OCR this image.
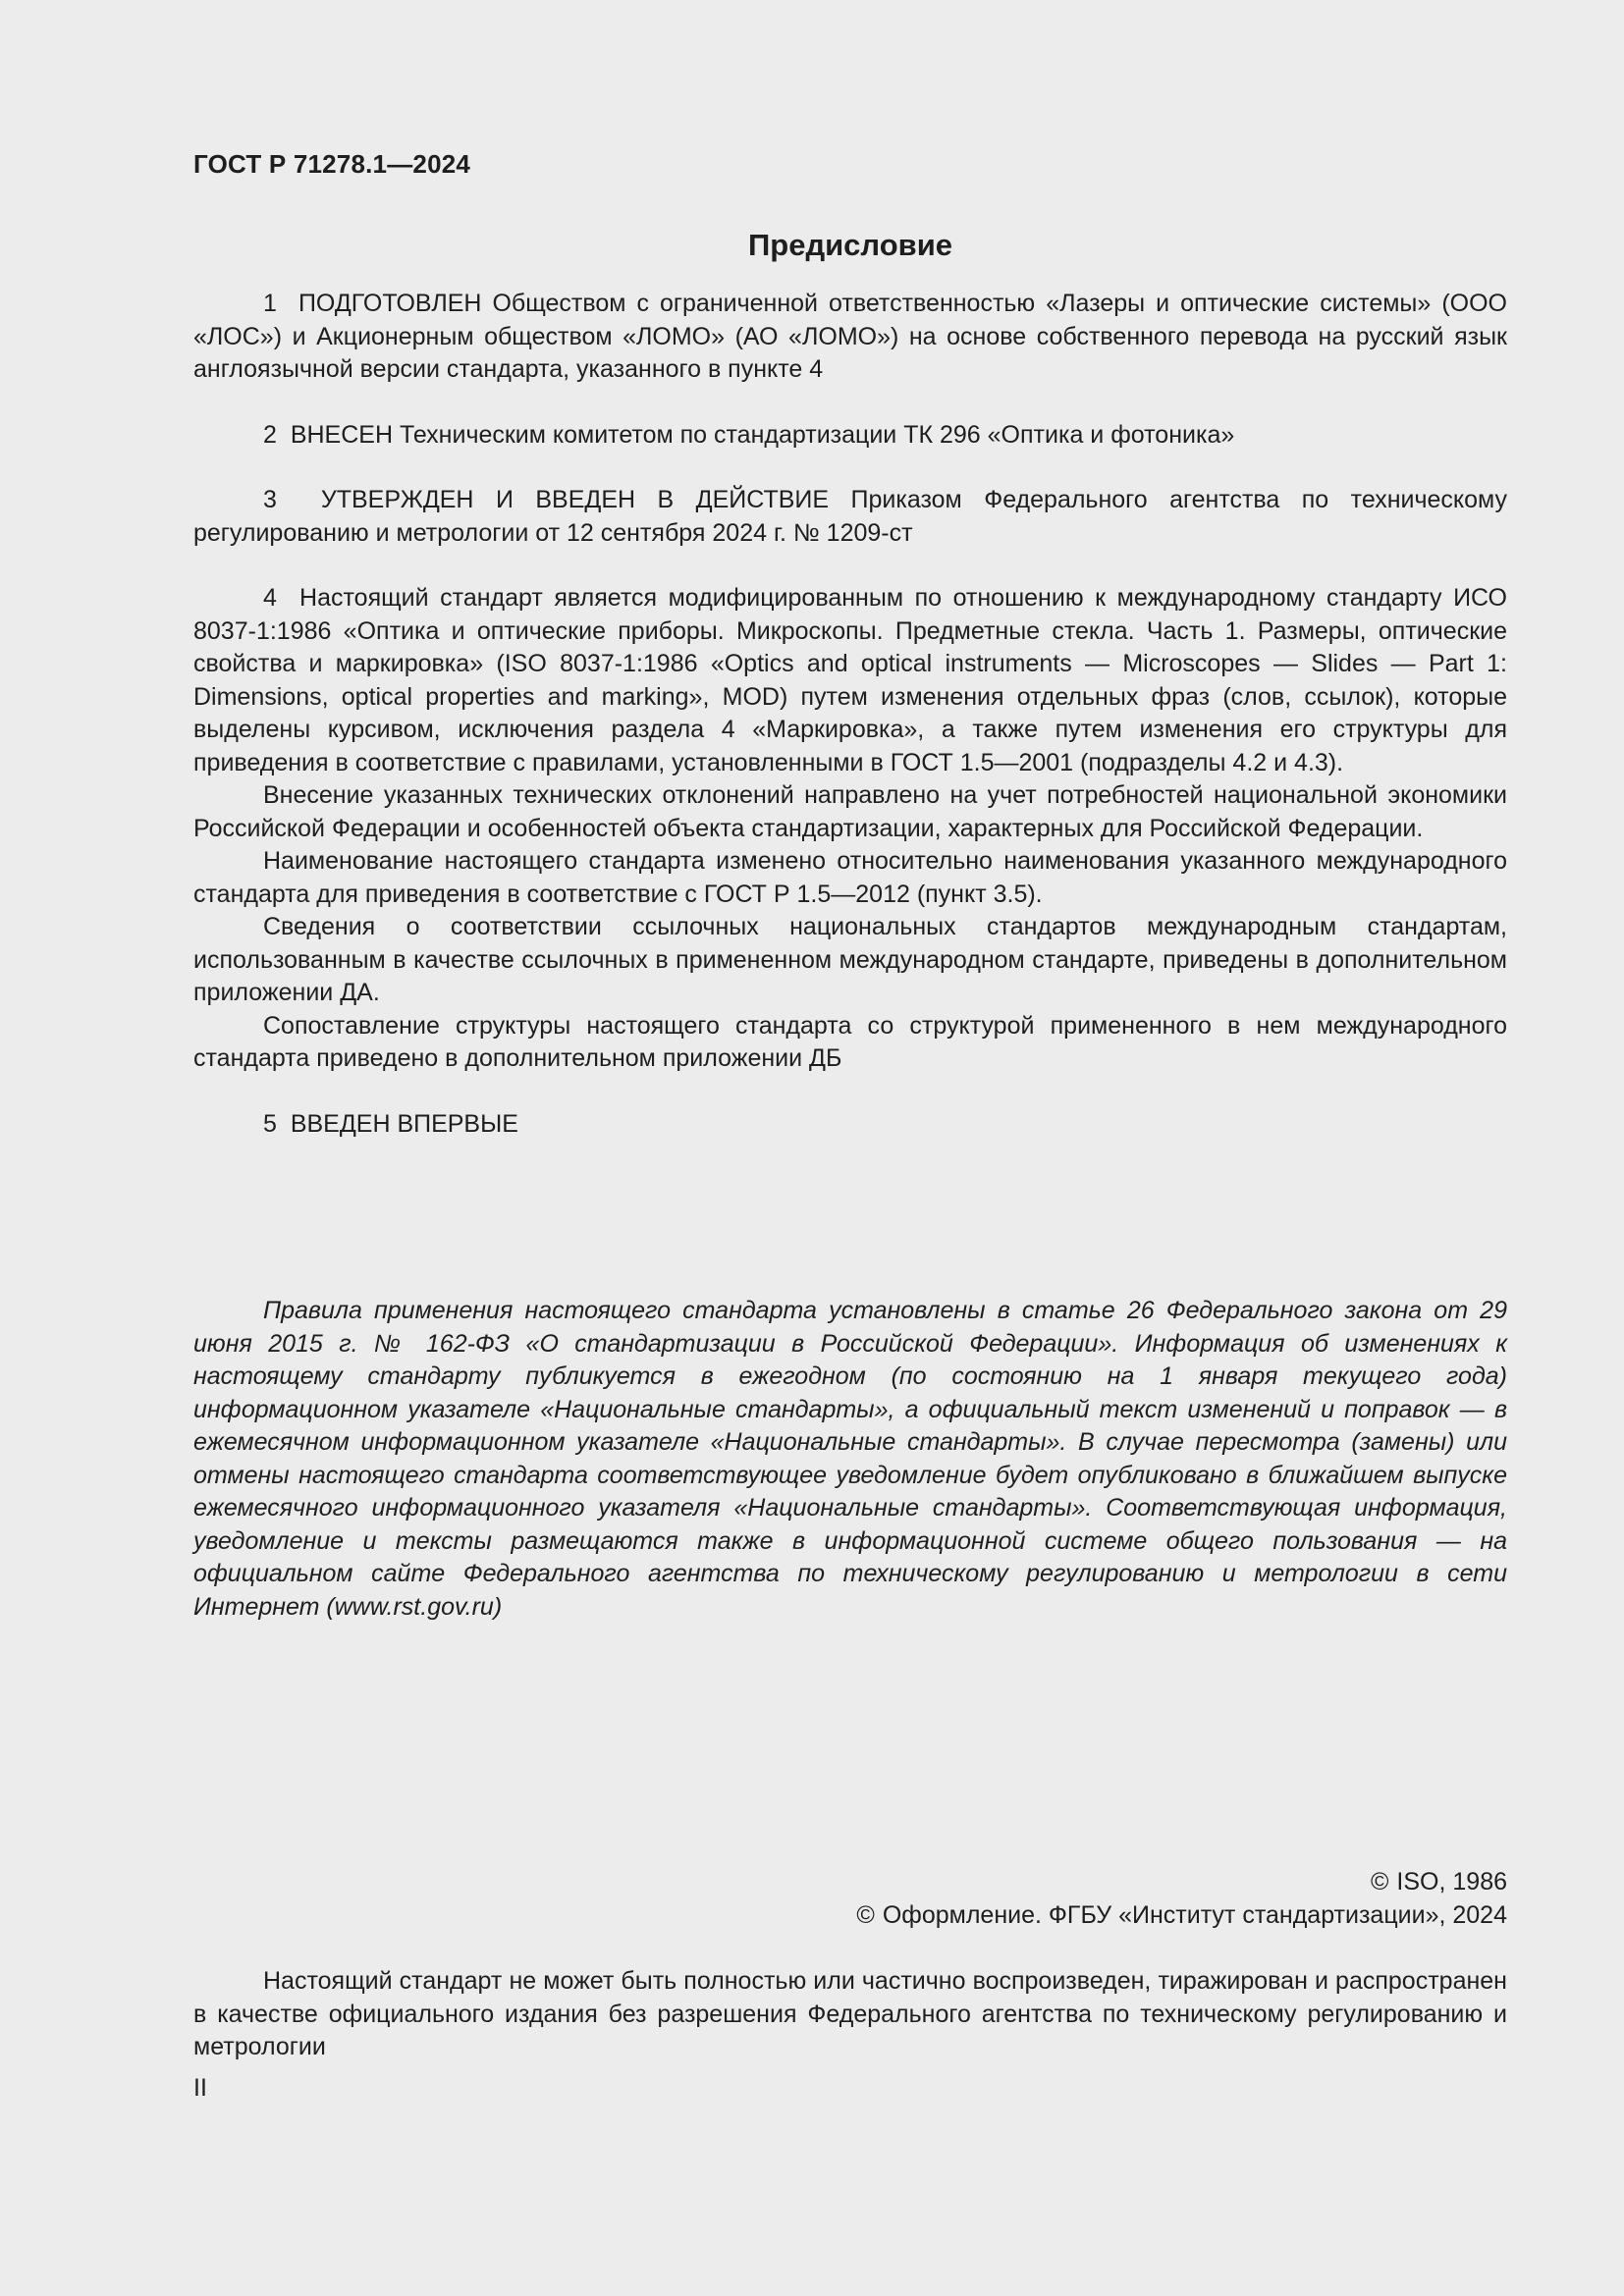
ГОСТ Р 71278.1—2024
Предисловие

1 ПОДГОТОВЛЕН Обществом с ограниченной ответственностью «Лазеры и оптические системы» (ООО «ЛОС») и Акционерным обществом «ЛОМО» (АО «ЛОМО») на основе собственного перевода на русский язык англоязычной версии стандарта, указанного в пункте 4

2 ВНЕСЕН Техническим комитетом по стандартизации ТК 296 «Оптика и фотоника»

3 УТВЕРЖДЕН И ВВЕДЕН В ДЕЙСТВИЕ Приказом Федерального агентства по техническому регулированию и метрологии от 12 сентября 2024 г. № 1209-ст

4 Настоящий стандарт является модифицированным по отношению к международному стандарту ИСО 8037-1:1986 «Оптика и оптические приборы. Микроскопы. Предметные стекла. Часть 1. Размеры, оптические свойства и маркировка» (ISO 8037-1:1986 «Optics and optical instruments — Microscopes — Slides — Part 1: Dimensions, optical properties and marking», MOD) путем изменения отдельных фраз (слов, ссылок), которые выделены курсивом, исключения раздела 4 «Маркировка», а также путем изменения его структуры для приведения в соответствие с правилами, установленными в ГОСТ 1.5—2001 (подразделы 4.2 и 4.3).

Внесение указанных технических отклонений направлено на учет потребностей национальной экономики Российской Федерации и особенностей объекта стандартизации, характерных для Российской Федерации.

Наименование настоящего стандарта изменено относительно наименования указанного международного стандарта для приведения в соответствие с ГОСТ Р 1.5—2012 (пункт 3.5).

Сведения о соответствии ссылочных национальных стандартов международным стандартам, использованным в качестве ссылочных в примененном международном стандарте, приведены в дополнительном приложении ДА.

Сопоставление структуры настоящего стандарта со структурой примененного в нем международного стандарта приведено в дополнительном приложении ДБ

5 ВВЕДЕН ВПЕРВЫЕ

Правила применения настоящего стандарта установлены в статье 26 Федерального закона от 29 июня 2015 г. № 162-ФЗ «О стандартизации в Российской Федерации». Информация об изменениях к настоящему стандарту публикуется в ежегодном (по состоянию на 1 января текущего года) информационном указателе «Национальные стандарты», а официальный текст изменений и поправок — в ежемесячном информационном указателе «Национальные стандарты». В случае пересмотра (замены) или отмены настоящего стандарта соответствующее уведомление будет опубликовано в ближайшем выпуске ежемесячного информационного указателя «Национальные стандарты». Соответствующая информация, уведомление и тексты размещаются также в информационной системе общего пользования — на официальном сайте Федерального агентства по техническому регулированию и метрологии в сети Интернет (www.rst.gov.ru)

© ISO, 1986
© Оформление. ФГБУ «Институт стандартизации», 2024

Настоящий стандарт не может быть полностью или частично воспроизведен, тиражирован и распространен в качестве официального издания без разрешения Федерального агентства по техническому регулированию и метрологии

II
